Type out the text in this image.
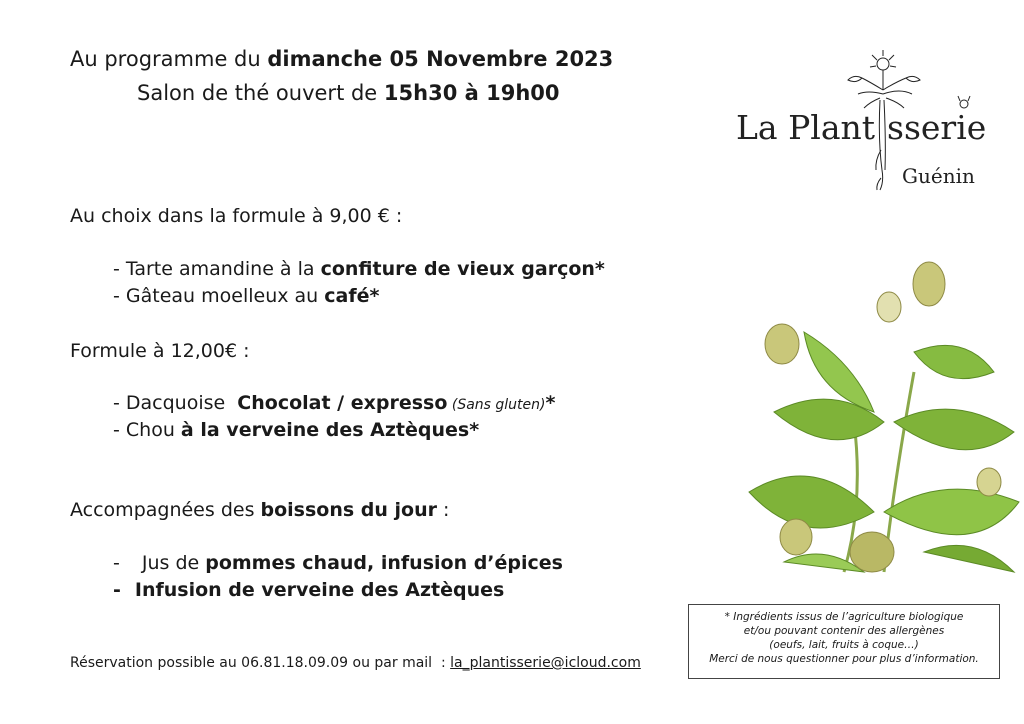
Au programme du dimanche 05 Novembre 2023
Salon de thé ouvert de 15h30 à 19h00
La Plant sserie
Guénin
Au choix dans la formule à 9,00 € :
- Tarte amandine à la confiture de vieux garçon*
- Gâteau moelleux au café*
Formule à 12,00€ :
- Dacquoise  Chocolat / expresso (Sans gluten)*
- Chou à la verveine des Aztèques*
Accompagnées des boissons du jour :
- Jus de pommes chaud, infusion d’épices
- Infusion de verveine des Aztèques
* Ingrédients issus de l’agriculture biologique
et/ou pouvant contenir des allergènes
(oeufs, lait, fruits à coque…)
Merci de nous questionner pour plus d’information.
Réservation possible au 06.81.18.09.09 ou par mail  : la_plantisserie@icloud.com
